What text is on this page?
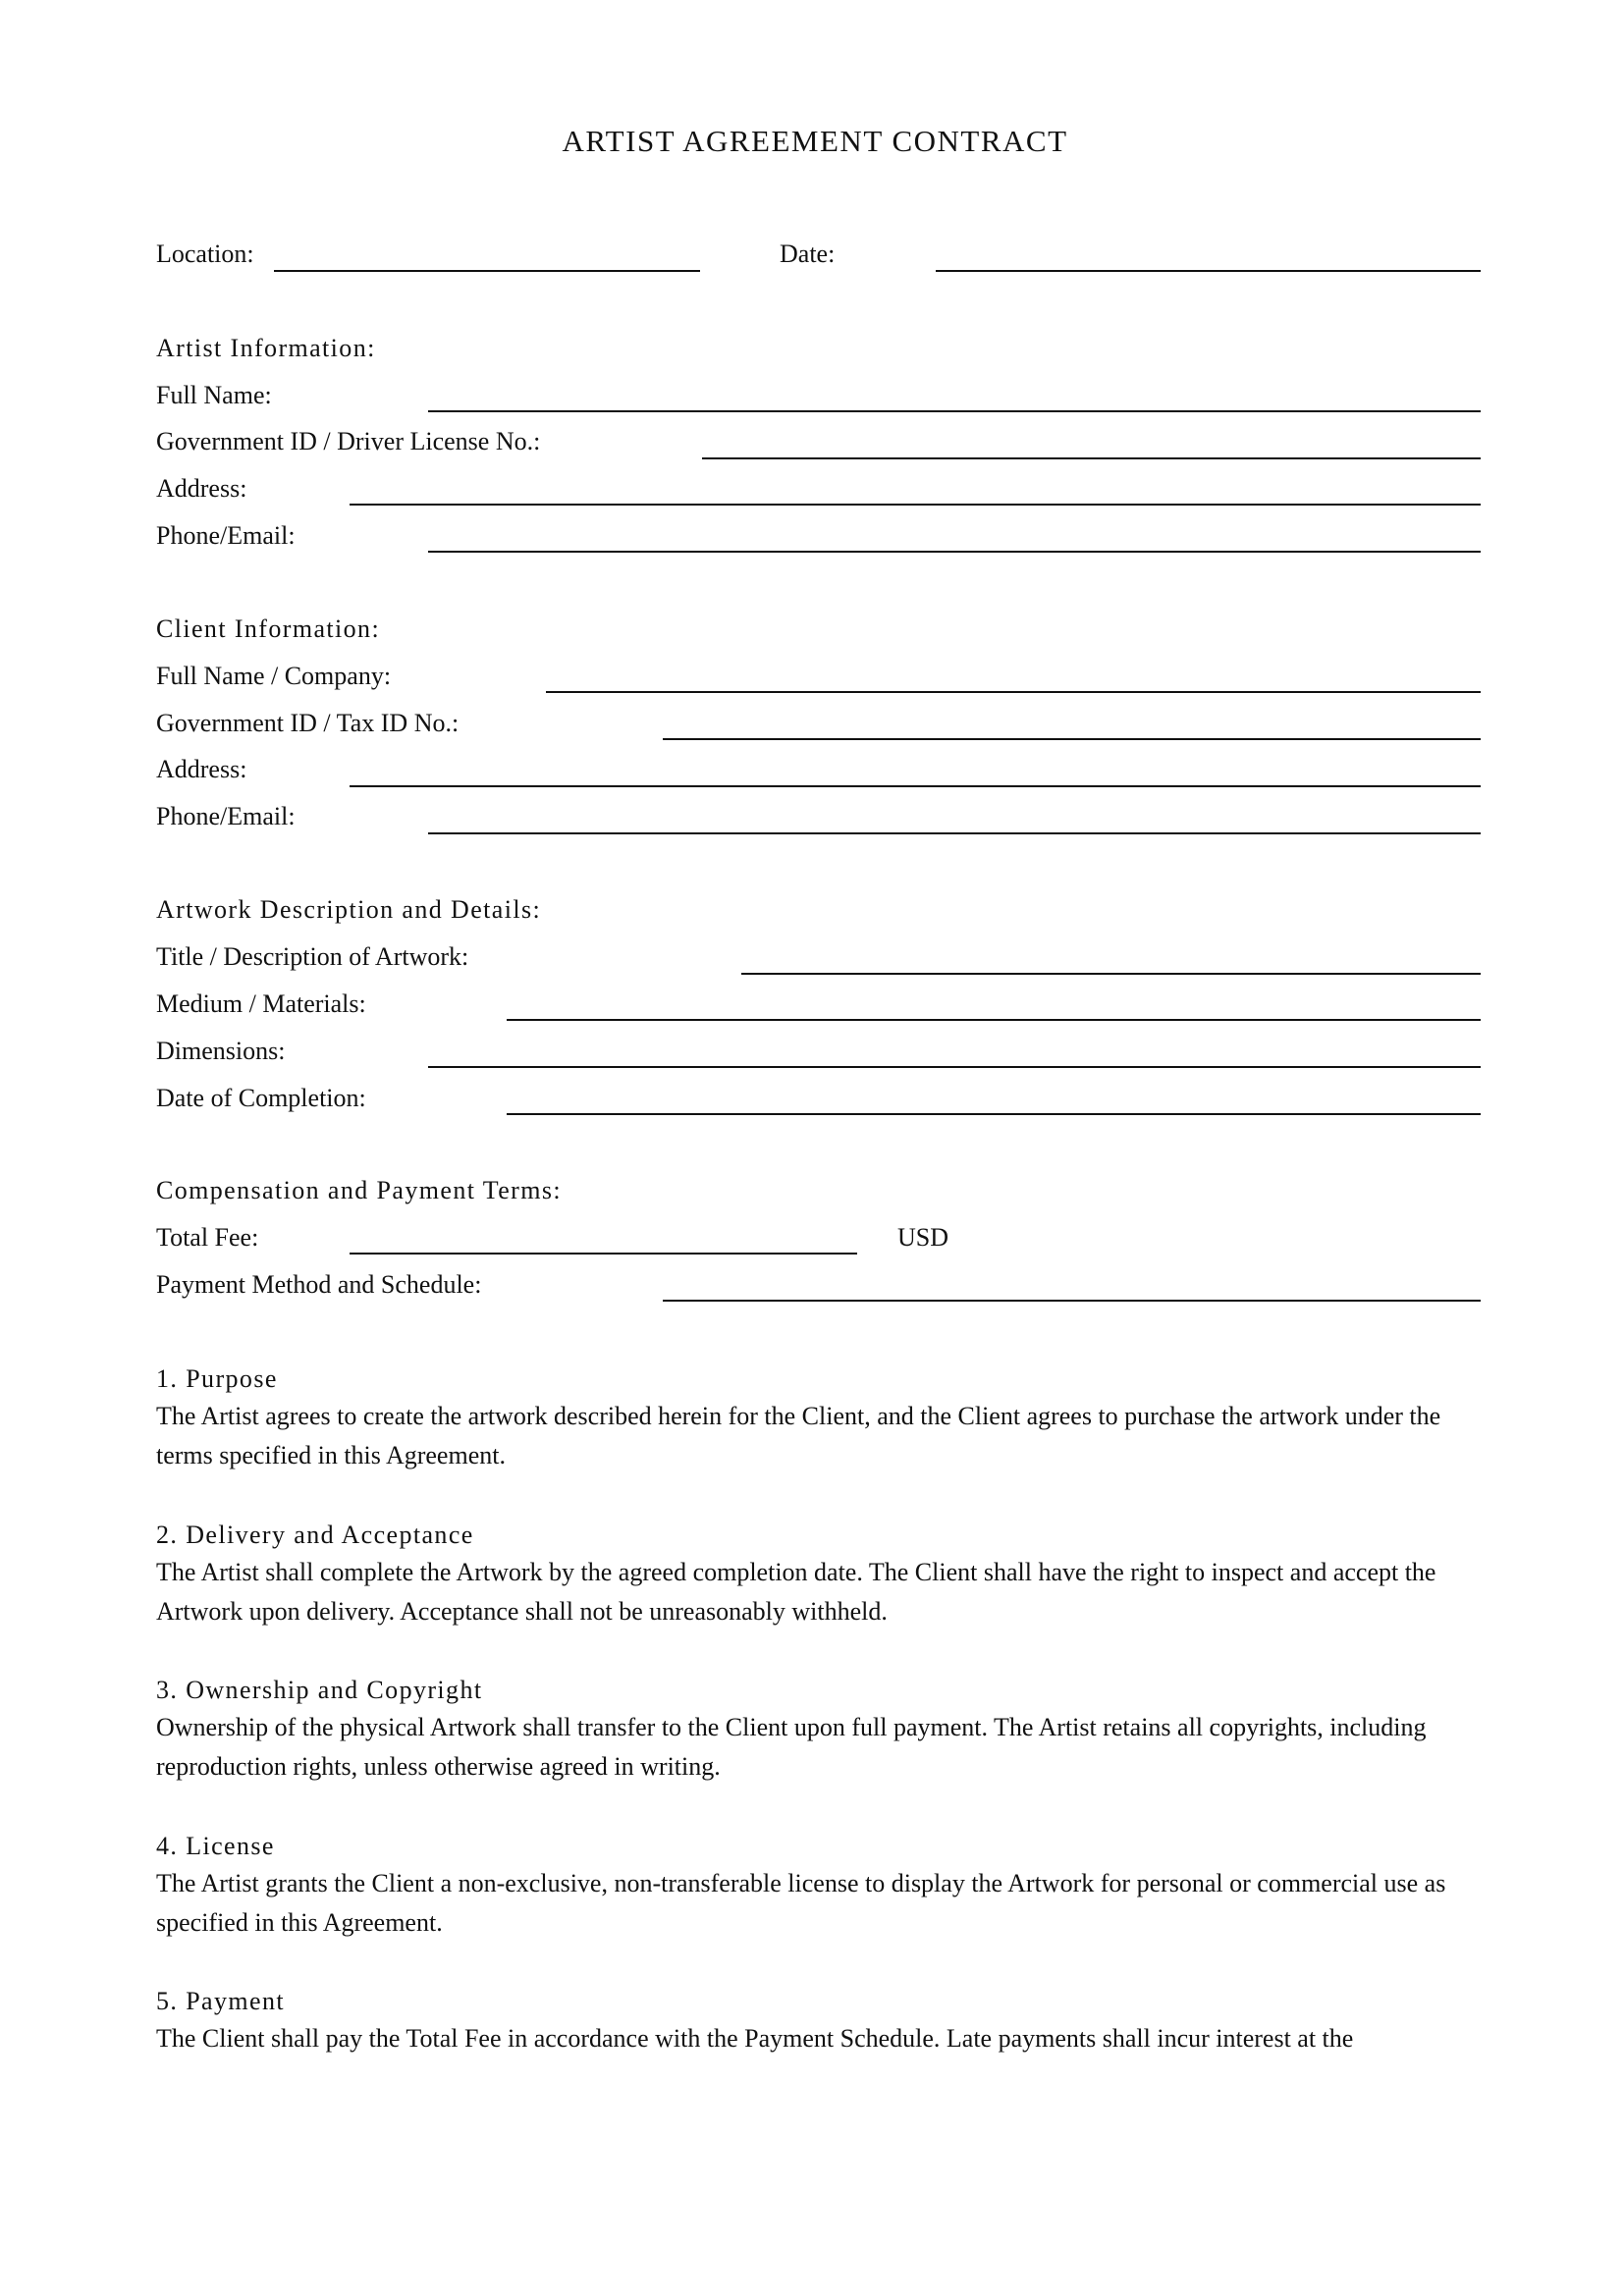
ARTIST AGREEMENT CONTRACT
Location:	Date:
Artist Information:
Full Name:
Government ID / Driver License No.:
Address:
Phone/Email:
Client Information:
Full Name / Company:
Government ID / Tax ID No.:
Address:
Phone/Email:
Artwork Description and Details:
Title / Description of Artwork:
Medium / Materials:
Dimensions:
Date of Completion:
Compensation and Payment Terms:
Total Fee:	USD
Payment Method and Schedule:
1. Purpose
The Artist agrees to create the artwork described herein for the Client, and the Client agrees to purchase the artwork under the terms specified in this Agreement.
2. Delivery and Acceptance
The Artist shall complete the Artwork by the agreed completion date. The Client shall have the right to inspect and accept the Artwork upon delivery. Acceptance shall not be unreasonably withheld.
3. Ownership and Copyright
Ownership of the physical Artwork shall transfer to the Client upon full payment. The Artist retains all copyrights, including reproduction rights, unless otherwise agreed in writing.
4. License
The Artist grants the Client a non-exclusive, non-transferable license to display the Artwork for personal or commercial use as specified in this Agreement.
5. Payment
The Client shall pay the Total Fee in accordance with the Payment Schedule. Late payments shall incur interest at the
